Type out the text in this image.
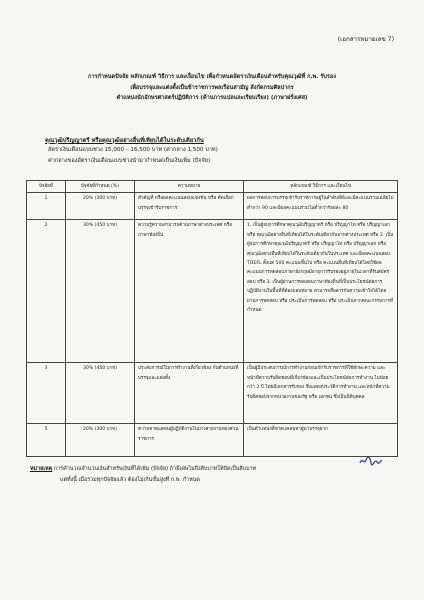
(เอกสารหมายเลข 7)
การกำหนดปัจจัย หลักเกณฑ์ วิธีการ และเงื่อนไข เพื่อกำหนดอัตราเงินเดือนสำหรับคุณวุฒิที่ ก.พ. รับรอง
เพื่อบรรจุและแต่งตั้งเป็นข้าราชการพลเรือนสามัญ สังกัดกรมศิลปากร
ตำแหน่งนักอักษรศาสตร์ปฏิบัติการ (ด้านการแปลและเรียบเรียง) (ภาษาฝรั่งเศส)
คุณวุฒิปริญญาตรี หรือคุณวุฒิอย่างอื่นที่เทียบได้ในระดับเดียวกัน
อัตราเงินเดือนแบบช่วง 15,000 – 16,500 บาท (ค่ากลาง 1,500 บาท)
ค่ากลางของอัตราเงินเดือนแบบช่วงนำมากำหนดเป็นเงินเพิ่ม (ปัจจัย)
ปัจจัยที่	ปัจจัยที่กำหนด (%)	ความหมาย	หลักเกณฑ์ วิธีการ และเงื่อนไข
1	20% (300 บาท)	สำคัญที่ หรือผลคะแนนสอบแข่งขัน หรือ คัดเลือกบรรจุเข้ารับราชการ	ผลการสอบการบรรจุเข้ารับราชการอยู่ในลำดับที่ดีและมีคะแนนรวมเฉลี่ยไม่ต่ำกว่า 90 และมีผลคะแนนรวมไม่ต่ำกว่าร้อยละ 80
2	30% (450 บาท)	ความรู้ความสามารถด้านภาษาต่างประเทศ หรือภาษาท้องถิ่น	1. เป็นผู้จบการศึกษาคุณวุฒิปริญญาตรี หรือ ปริญญาโท หรือ ปริญญาเอก หรือ คุณวุฒิอย่างอื่นที่เทียบได้ในระดับเดียวกันจากต่างประเทศ หรือ 2. เป็นผู้จบการศึกษาคุณวุฒิปริญญาตรี หรือ ปริญญาโท หรือ ปริญญาเอก หรือ คุณวุฒิอย่างอื่นที่เทียบได้ในระดับเดียวกันในประเทศ และมีผลคะแนนสอบ TOEFL ตั้งแต่ 500 คะแนนขึ้นไป หรือ คะแนนอื่นที่เทียบได้โดยใช้ผลคะแนนการทดสอบภาษาอังกฤษมีอายุการรับรองอยู่ภายในเวลาที่รับสมัครสอบ หรือ 3. เป็นผู้ผ่านการทดสอบภาษาท้องถิ่นที่เป็นประโยชน์ต่อการปฏิบัติงานในพื้นที่ที่ต้องมอบหมาย สามารถสื่อสารกับความเข้าใจได้โดยผ่านการทดสอบ หรือ ประเมินการทดสอบ หรือ ประเมินจากคณะกรรมการที่กำหนด
3	30% (450 บาท)	ประสบการณ์ในการทำงานที่เกี่ยวข้อง กับตำแหน่งที่บรรจุและแต่งตั้ง	เป็นผู้มีประสบการณ์การทำงานก่อนเข้ารับราชการที่ใช้ทักษะความ และหน้าที่ความรับผิดชอบที่เกี่ยวข้องและเป็นประโยชน์ต่อการทำงาน ไม่น้อยกว่า 2 ปี โดยมีเอกสารรับรอง ซึ่งแสดงประวัติการทำงาน และหน้าที่ความรับผิดชอบจากหน่วยงานของรัฐ หรือ เอกชน ซึ่งเป็นนิติบุคคล
5	20% (300 บาท)	ความขาดแคลนผู้ปฏิบัติงานในบางสายงานของส่วนราชการ	เป็นตำแหน่งที่ขาดแคลนหาผู้มาบรรจุยาก
หมายเหตุ การคำนวณจำนวนเงินสำหรับเงินที่ได้เพิ่ม (ปัจจัย) ถ้ามีเศษไม่ถึงสิบบาทให้ปัดเป็นสิบบาท
แต่ทั้งนี้ เมื่อรวมทุกปัจจัยแล้ว ต้องไม่เกินขั้นสูงที่ ก.พ. กำหนด
